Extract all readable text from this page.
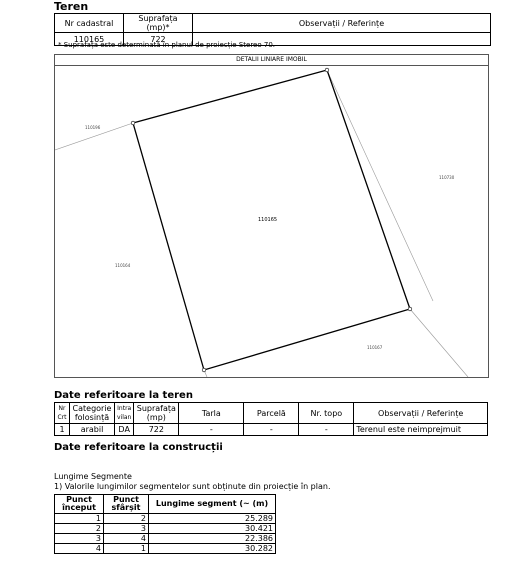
Teren
Nr cadastral	Suprafața (mp)*	Observații / Referințe
110165	722	
* Suprafața este determinată în planul de proiecție Stereo 70.
DETALII LINIARE IMOBIL
110165
110196
110164
110730
110167
Date referitoare la teren
Nr Crt	Categorie folosință	Intra vilan	Suprafața (mp)	Tarla	Parcelă	Nr. topo	Observații / Referințe
1	arabil	DA	722	-	-	-	Terenul este neimprejmuit
Date referitoare la construcții
Lungime Segmente
1) Valorile lungimilor segmentelor sunt obținute din proiecție în plan.
Punct început	Punct sfârșit	Lungime segment (~ (m)
1	2	25.289
2	3	30.421
3	4	22.386
4	1	30.282
